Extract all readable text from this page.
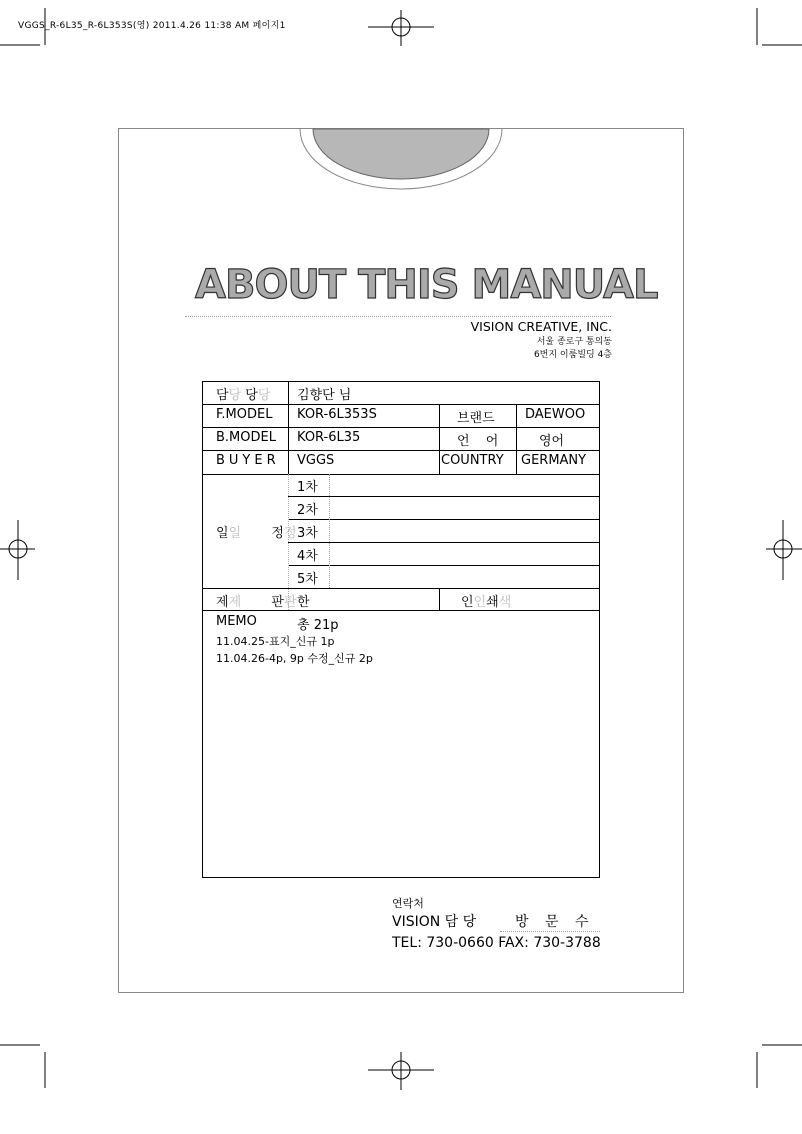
VGGS_R-6L35_R-6L353S(영) 2011.4.26 11:38 AM 페이지1
ABOUT THIS MANUAL
VISION CREATIVE, INC.
서울 종로구 통의동
6번지 이룸빌딩 4층
담당 당당 김향단 님
F.MODEL KOR-6L353S	브랜드 DAEWOO
B.MODEL KOR-6L35	언 어	영어
BUYER VGGS	COUNTRY GERMANY
일일 정정
1차
2차
3차
4차
5차
제제 판판 한	인인쇄색
MEMO	총 21p
11.04.25-표지_신규 1p
11.04.26-4p, 9p 수정_신규 2p
연락처
VISION 담 당	방 문 수
TEL: 730-0660 FAX: 730-3788
